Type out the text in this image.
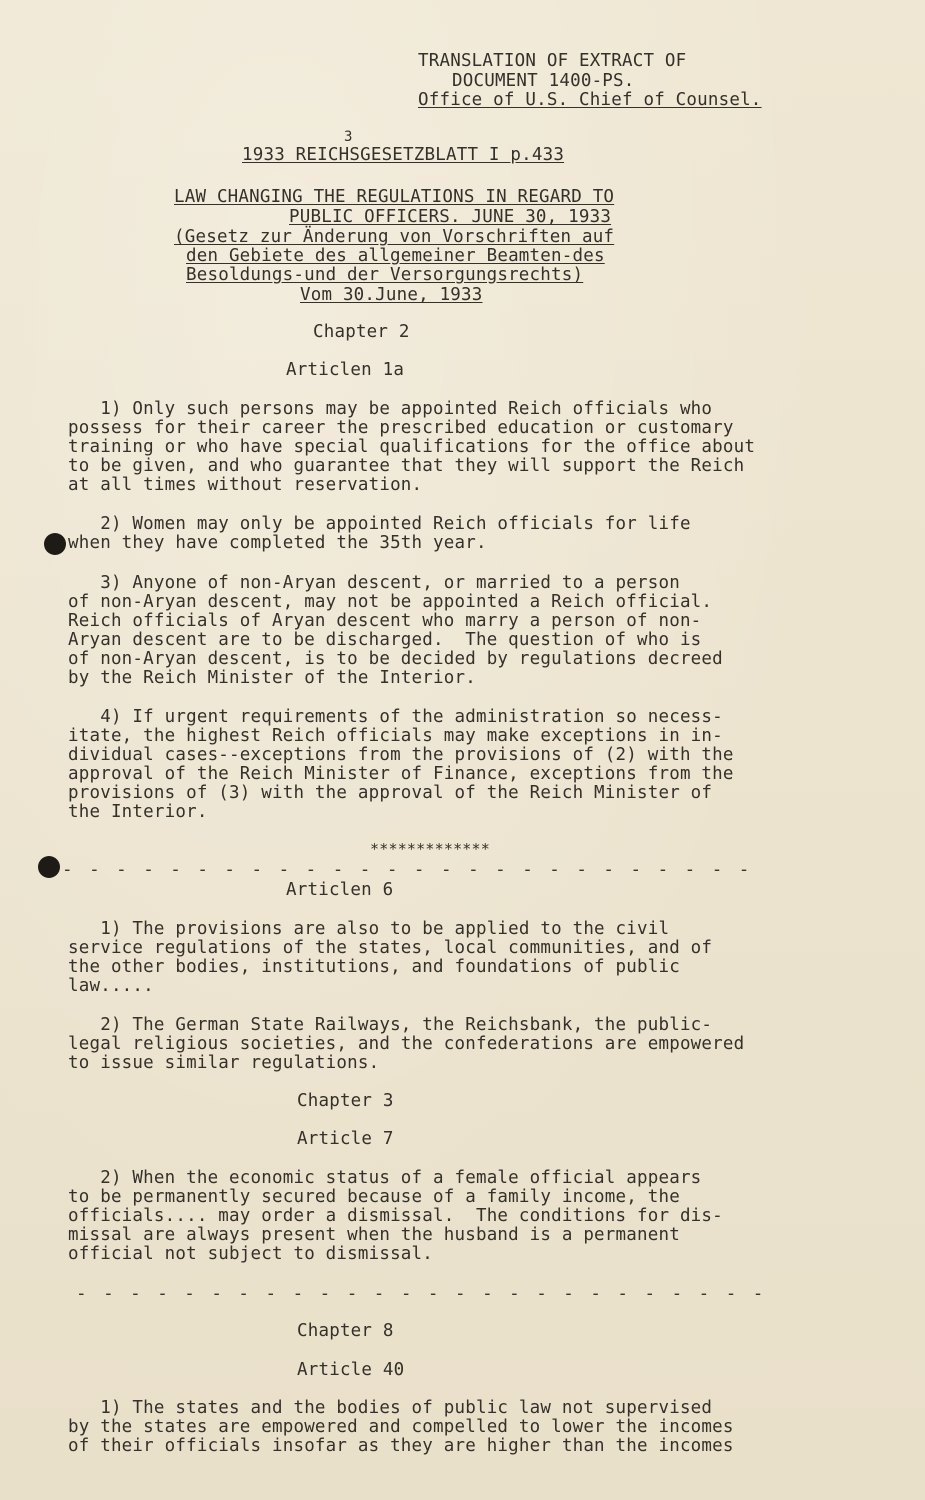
TRANSLATION OF EXTRACT OF
DOCUMENT 1400-PS.
Office of U.S. Chief of Counsel.
3
1933 REICHSGESETZBLATT I p.433
LAW CHANGING THE REGULATIONS IN REGARD TO
PUBLIC OFFICERS. JUNE 30, 1933
(Gesetz zur Änderung von Vorschriften auf
den Gebiete des allgemeiner Beamten-des
Besoldungs-und der Versorgungsrechts)
Vom 30.June, 1933
Chapter 2
Articlen 1a
1) Only such persons may be appointed Reich officials who
possess for their career the prescribed education or customary
training or who have special qualifications for the office about
to be given, and who guarantee that they will support the Reich
at all times without reservation.
2) Women may only be appointed Reich officials for life
when they have completed the 35th year.
3) Anyone of non-Aryan descent, or married to a person
of non-Aryan descent, may not be appointed a Reich official.
Reich officials of Aryan descent who marry a person of non-
Aryan descent are to be discharged.  The question of who is
of non-Aryan descent, is to be decided by regulations decreed
by the Reich Minister of the Interior.
4) If urgent requirements of the administration so necess-
itate, the highest Reich officials may make exceptions in in-
dividual cases--exceptions from the provisions of (2) with the
approval of the Reich Minister of Finance, exceptions from the
provisions of (3) with the approval of the Reich Minister of
the Interior.
*************
- - - - - - - - - - - - - - - - - - - - - - - - - -
Articlen 6
1) The provisions are also to be applied to the civil
service regulations of the states, local communities, and of
the other bodies, institutions, and foundations of public
law.....
2) The German State Railways, the Reichsbank, the public-
legal religious societies, and the confederations are empowered
to issue similar regulations.
Chapter 3
Article 7
2) When the economic status of a female official appears
to be permanently secured because of a family income, the
officials.... may order a dismissal.  The conditions for dis-
missal are always present when the husband is a permanent
official not subject to dismissal.
- - - - - - - - - - - - - - - - - - - - - - - - - -
Chapter 8
Article 40
1) The states and the bodies of public law not supervised
by the states are empowered and compelled to lower the incomes
of their officials insofar as they are higher than the incomes
